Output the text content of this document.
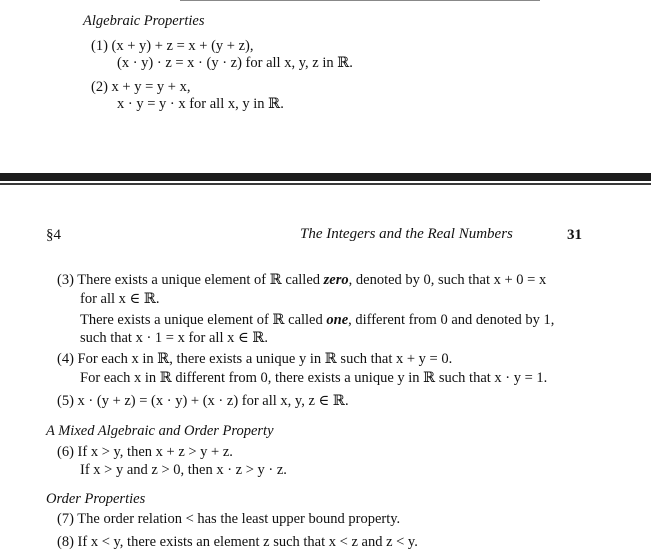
Algebraic Properties
(1) (x + y) + z = x + (y + z),
(x · y) · z = x · (y · z) for all x, y, z in ℝ.
(2) x + y = y + x,
x · y = y · x for all x, y in ℝ.
§4	The Integers and the Real Numbers	31
(3) There exists a unique element of ℝ called zero, denoted by 0, such that x + 0 = x
for all x ∈ ℝ.
There exists a unique element of ℝ called one, different from 0 and denoted by 1,
such that x · 1 = x for all x ∈ ℝ.
(4) For each x in ℝ, there exists a unique y in ℝ such that x + y = 0.
For each x in ℝ different from 0, there exists a unique y in ℝ such that x · y = 1.
(5) x · (y + z) = (x · y) + (x · z) for all x, y, z ∈ ℝ.
A Mixed Algebraic and Order Property
(6) If x > y, then x + z > y + z.
If x > y and z > 0, then x · z > y · z.
Order Properties
(7) The order relation < has the least upper bound property.
(8) If x < y, there exists an element z such that x < z and z < y.
